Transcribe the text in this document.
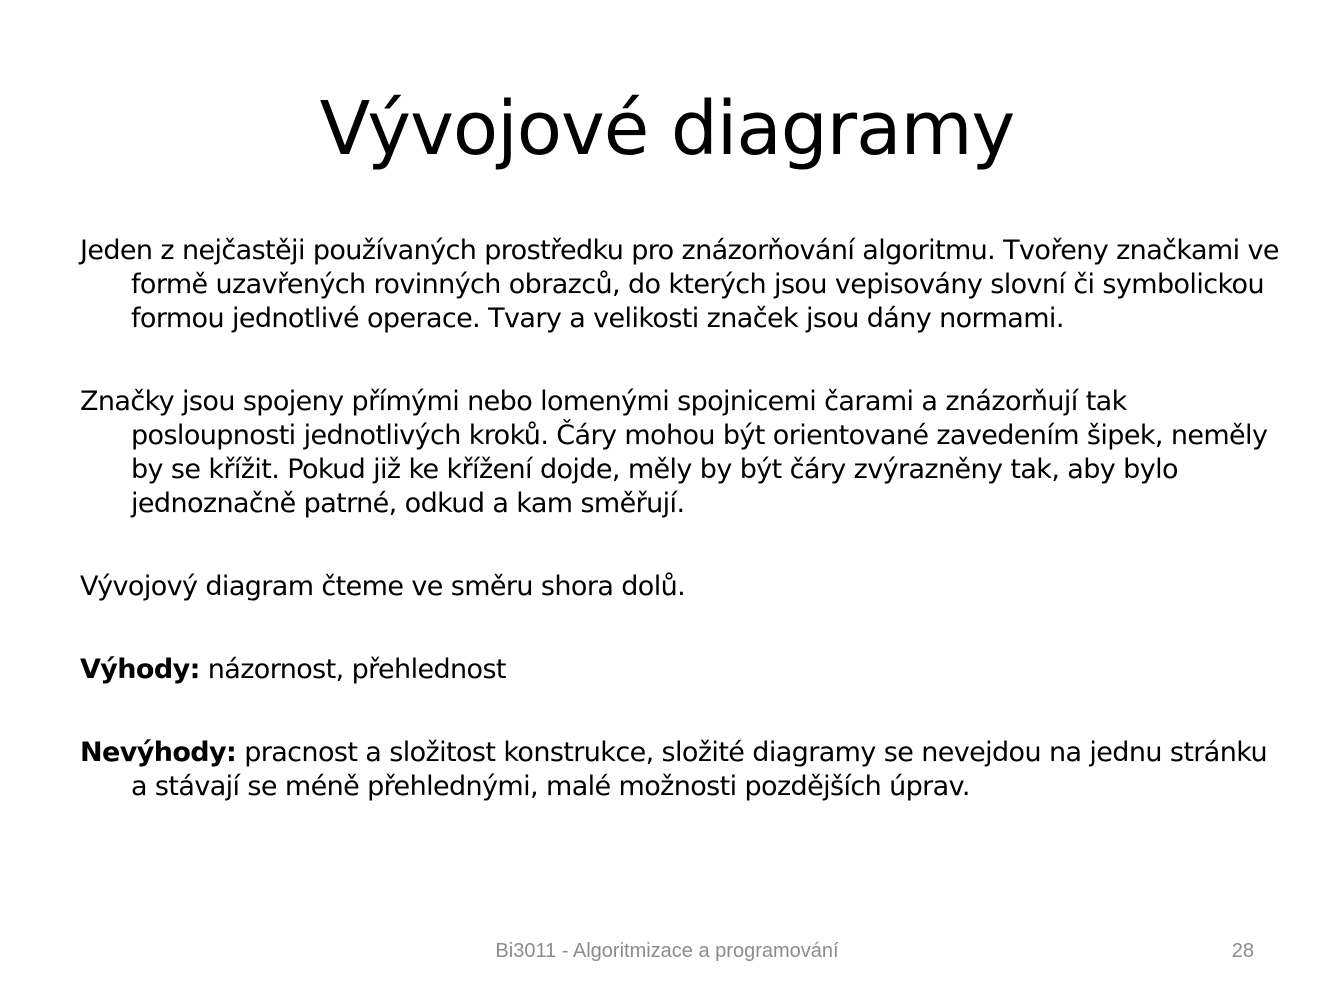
Vývojové diagramy

Jeden z nejčastěji používaných prostředku pro znázorňování algoritmu. Tvořeny značkami ve formě uzavřených rovinných obrazců, do kterých jsou vepisovány slovní či symbolickou formou jednotlivé operace. Tvary a velikosti značek jsou dány normami.

Značky jsou spojeny přímými nebo lomenými spojnicemi čarami a znázorňují tak posloupnosti jednotlivých kroků. Čáry mohou být orientované zavedením šipek, neměly by se křížit. Pokud již ke křížení dojde, měly by být čáry zvýrazněny tak, aby bylo jednoznačně patrné, odkud a kam směřují.

Vývojový diagram čteme ve směru shora dolů.

Výhody: názornost, přehlednost

Nevýhody: pracnost a složitost konstrukce, složité diagramy se nevejdou na jednu stránku a stávají se méně přehlednými, malé možnosti pozdějších úprav.

Bi3011 - Algoritmizace a programování	28
